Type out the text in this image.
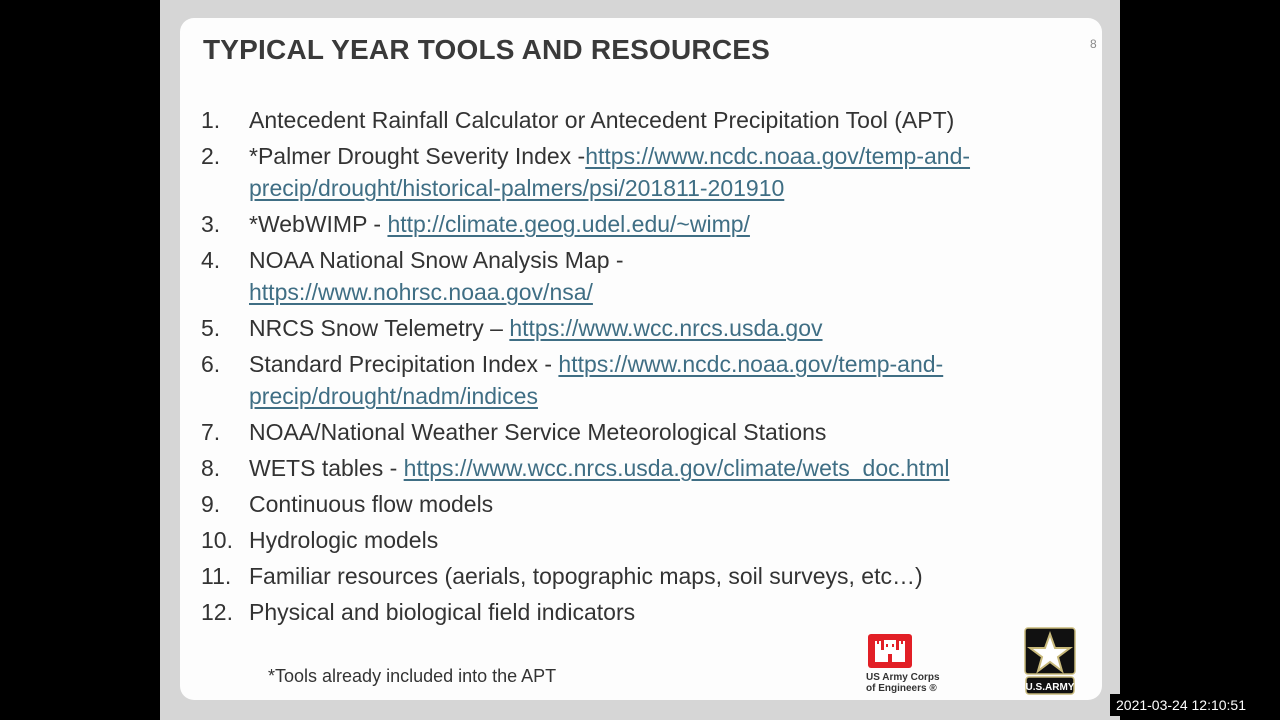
TYPICAL YEAR TOOLS AND RESOURCES	8
1.	Antecedent Rainfall Calculator or Antecedent Precipitation Tool (APT)
2.	*Palmer Drought Severity Index -https://www.ncdc.noaa.gov/temp-and-precip/drought/historical-palmers/psi/201811-201910
3.	*WebWIMP - http://climate.geog.udel.edu/~wimp/
4.	NOAA National Snow Analysis Map -
https://www.nohrsc.noaa.gov/nsa/
5.	NRCS Snow Telemetry – https://www.wcc.nrcs.usda.gov
6.	Standard Precipitation Index - https://www.ncdc.noaa.gov/temp-and-precip/drought/nadm/indices
7.	NOAA/National Weather Service Meteorological Stations
8.	WETS tables - https://www.wcc.nrcs.usda.gov/climate/wets_doc.html
9.	Continuous flow models
10. Hydrologic models
11. Familiar resources (aerials, topographic maps, soil surveys, etc…)
12. Physical and biological field indicators
*Tools already included into the APT	US Army Corps
of Engineers ®	U.S.ARMY
2021-03-24 12:10:51
